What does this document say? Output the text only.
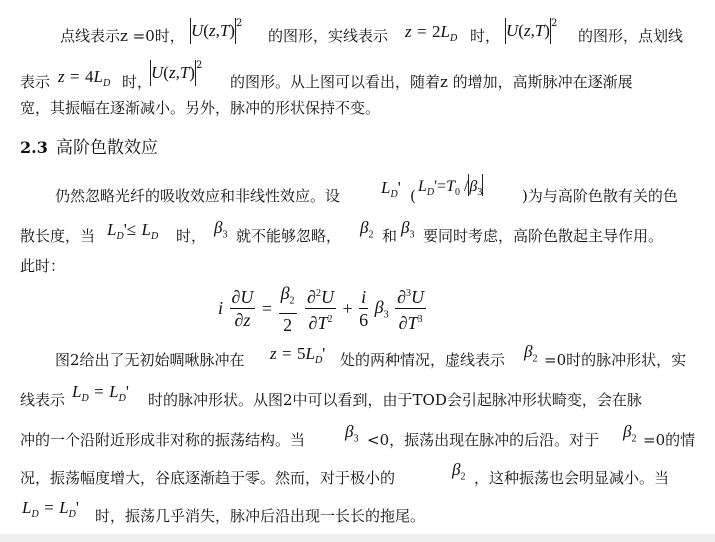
点线表示z =0时， $U(z,T)^2$
的图形，实线表示 $z = 2L_D$ 时， $U(z,T)^2$
的图形，点划线
表示 $z = 4L_D$ 时，
$U(z,T)^2$
的图形。从上图可以看出，随着z 的增加，高斯脉冲在逐渐展
宽，其振幅在逐渐减小。另外，脉冲的形状保持不变。
2.3 高阶色散效应
仍然忽略光纤的吸收效应和非线性效应。设 $L_D'$ (
$L_D'=T_0$ $/\beta_3$	)为与高阶色散有关的色
散长度，当 $L_D'\le L_D$ 时， $\beta_3$ 就不能够忽略， $\beta_2$ 和 $\beta_3$ 要同时考虑，高阶色散起主导作用。
此时：
i $\frac{\partial U}{\partial z} = \frac{\beta_2}{2}$
$\frac{\partial^2U}{\partial T^2} + \frac{i}{6} \beta_3 \frac{\partial^3U}{\partial T^3}$
图2给出了无初始啁啾脉冲在 $z = 5L_D'$ 处的两种情况，虚线表示 $\beta_2 =0$时的脉冲形状，实
线表示 $L_D = L_D'$ 时的脉冲形状。从图2中可以看到，由于TOD会引起脉冲形状畸变，会在脉
冲的一个沿附近形成非对称的振荡结构。当 $\beta_3 <0$，振荡出现在脉冲的后沿。对于 $\beta_2 =0$的情
况，振荡幅度增大，谷底逐渐趋于零。然而，对于极小的	$\beta_2$ ，这种振荡也会明显减小。当
$L_D = L_D'$ 时，振荡几乎消失，脉冲后沿出现一长长的拖尾。
